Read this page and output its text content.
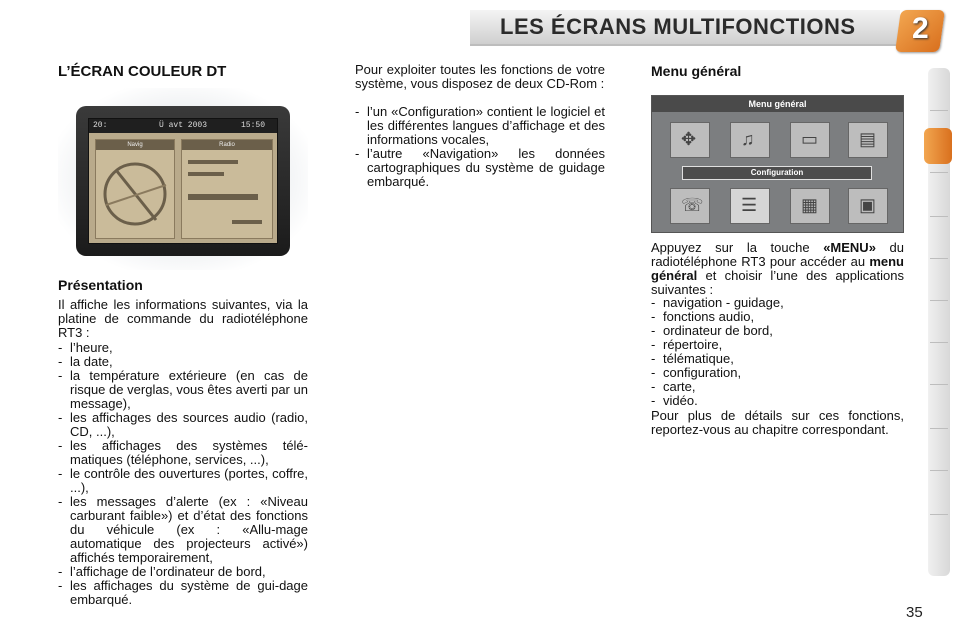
LES ÉCRANS MULTIFONCTIONS 2
L’ÉCRAN COULEUR DT
20:	Ü avt 2003	15:50
Navig	Radio
Présentation
Il affiche les informations suivantes, via la platine de commande du radiotéléphone RT3 :
- l’heure,
- la date,
- la température extérieure (en cas de risque de verglas, vous êtes averti par un message),
- les affichages des sources audio (radio, CD, ...),
- les affichages des systèmes télé-matiques (téléphone, services, ...),
- le contrôle des ouvertures (portes, coffre, ...),
- les messages d’alerte (ex : «Niveau carburant faible») et d’état des fonctions du véhicule (ex : «Allu-mage automatique des projecteurs activé») affichés temporairement,
- l’affichage de l’ordinateur de bord,
- les affichages du système de gui-dage embarqué.
Pour exploiter toutes les fonctions de votre système, vous disposez de deux CD-Rom :
- l’un «Configuration» contient le logiciel et les différentes langues d’affichage et des informations vocales,
- l’autre «Navigation» les données cartographiques du système de guidage embarqué.
Menu général
Menu général
✥ ♫	▭ ▤
Configuration
☏ ☰ ▦ ▣
Appuyez sur la touche «MENU» du radiotéléphone RT3 pour accéder au menu général et choisir l’une des applications suivantes :
- navigation - guidage,
- fonctions audio,
- ordinateur de bord,
- répertoire,
- télématique,
- configuration,
- carte,
- vidéo.
Pour plus de détails sur ces fonctions, reportez-vous au chapitre correspondant.
35
